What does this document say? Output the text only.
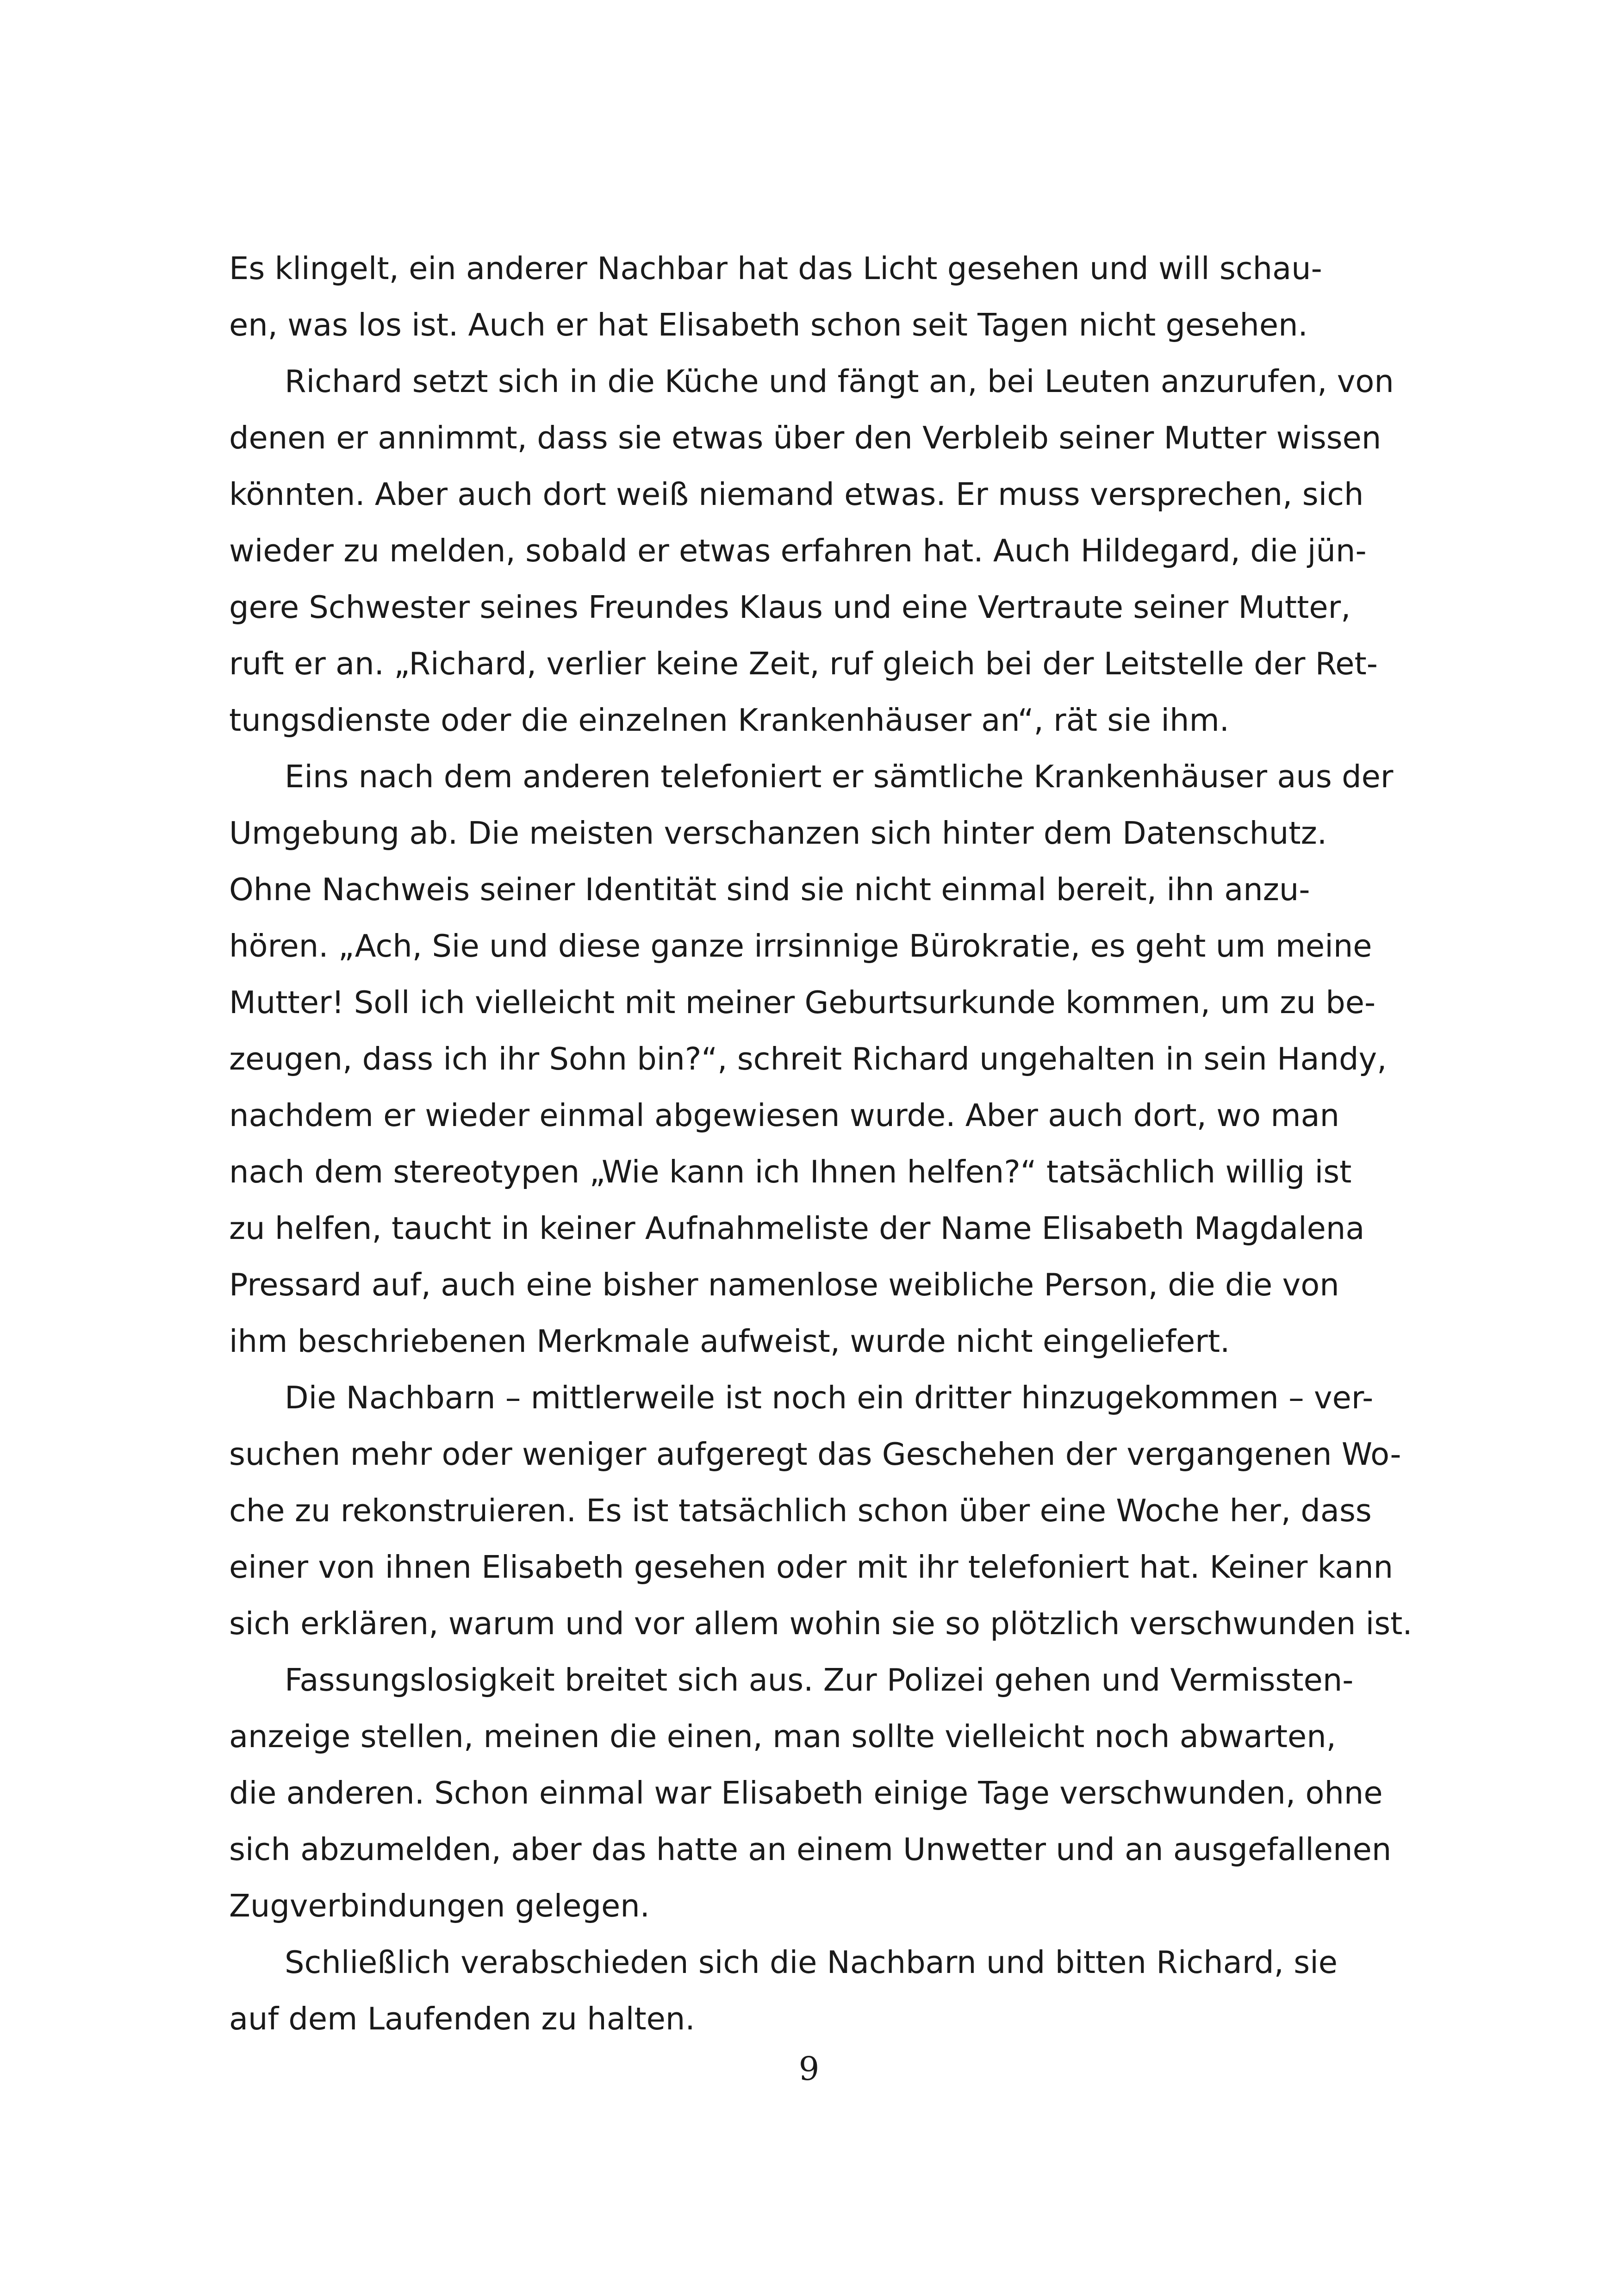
Es klingelt, ein anderer Nachbar hat das Licht gesehen und will schau-
en, was los ist. Auch er hat Elisabeth schon seit Tagen nicht gesehen.
Richard setzt sich in die Küche und fängt an, bei Leuten anzurufen, von
denen er annimmt, dass sie etwas über den Verbleib seiner Mutter wissen
könnten. Aber auch dort weiß niemand etwas. Er muss versprechen, sich
wieder zu melden, sobald er etwas erfahren hat. Auch Hildegard, die jün-
gere Schwester seines Freundes Klaus und eine Vertraute seiner Mutter,
ruft er an. „Richard, verlier keine Zeit, ruf gleich bei der Leitstelle der Ret-
tungsdienste oder die einzelnen Krankenhäuser an“, rät sie ihm.
Eins nach dem anderen telefoniert er sämtliche Krankenhäuser aus der
Umgebung ab. Die meisten verschanzen sich hinter dem Datenschutz.
Ohne Nachweis seiner Identität sind sie nicht einmal bereit, ihn anzu-
hören. „Ach, Sie und diese ganze irrsinnige Bürokratie, es geht um meine
Mutter! Soll ich vielleicht mit meiner Geburtsurkunde kommen, um zu be-
zeugen, dass ich ihr Sohn bin?“, schreit Richard ungehalten in sein Handy,
nachdem er wieder einmal abgewiesen wurde. Aber auch dort, wo man
nach dem stereotypen „Wie kann ich Ihnen helfen?“ tatsächlich willig ist
zu helfen, taucht in keiner Aufnahmeliste der Name Elisabeth Magdalena
Pressard auf, auch eine bisher namenlose weibliche Person, die die von
ihm beschriebenen Merkmale aufweist, wurde nicht eingeliefert.
Die Nachbarn – mittlerweile ist noch ein dritter hinzugekommen – ver-
suchen mehr oder weniger aufgeregt das Geschehen der vergangenen Wo-
che zu rekonstruieren. Es ist tatsächlich schon über eine Woche her, dass
einer von ihnen Elisabeth gesehen oder mit ihr telefoniert hat. Keiner kann
sich erklären, warum und vor allem wohin sie so plötzlich verschwunden ist.
Fassungslosigkeit breitet sich aus. Zur Polizei gehen und Vermissten-
anzeige stellen, meinen die einen, man sollte vielleicht noch abwarten,
die anderen. Schon einmal war Elisabeth einige Tage verschwunden, ohne
sich abzumelden, aber das hatte an einem Unwetter und an ausgefallenen
Zugverbindungen gelegen.
Schließlich verabschieden sich die Nachbarn und bitten Richard, sie
auf dem Laufenden zu halten.
9
